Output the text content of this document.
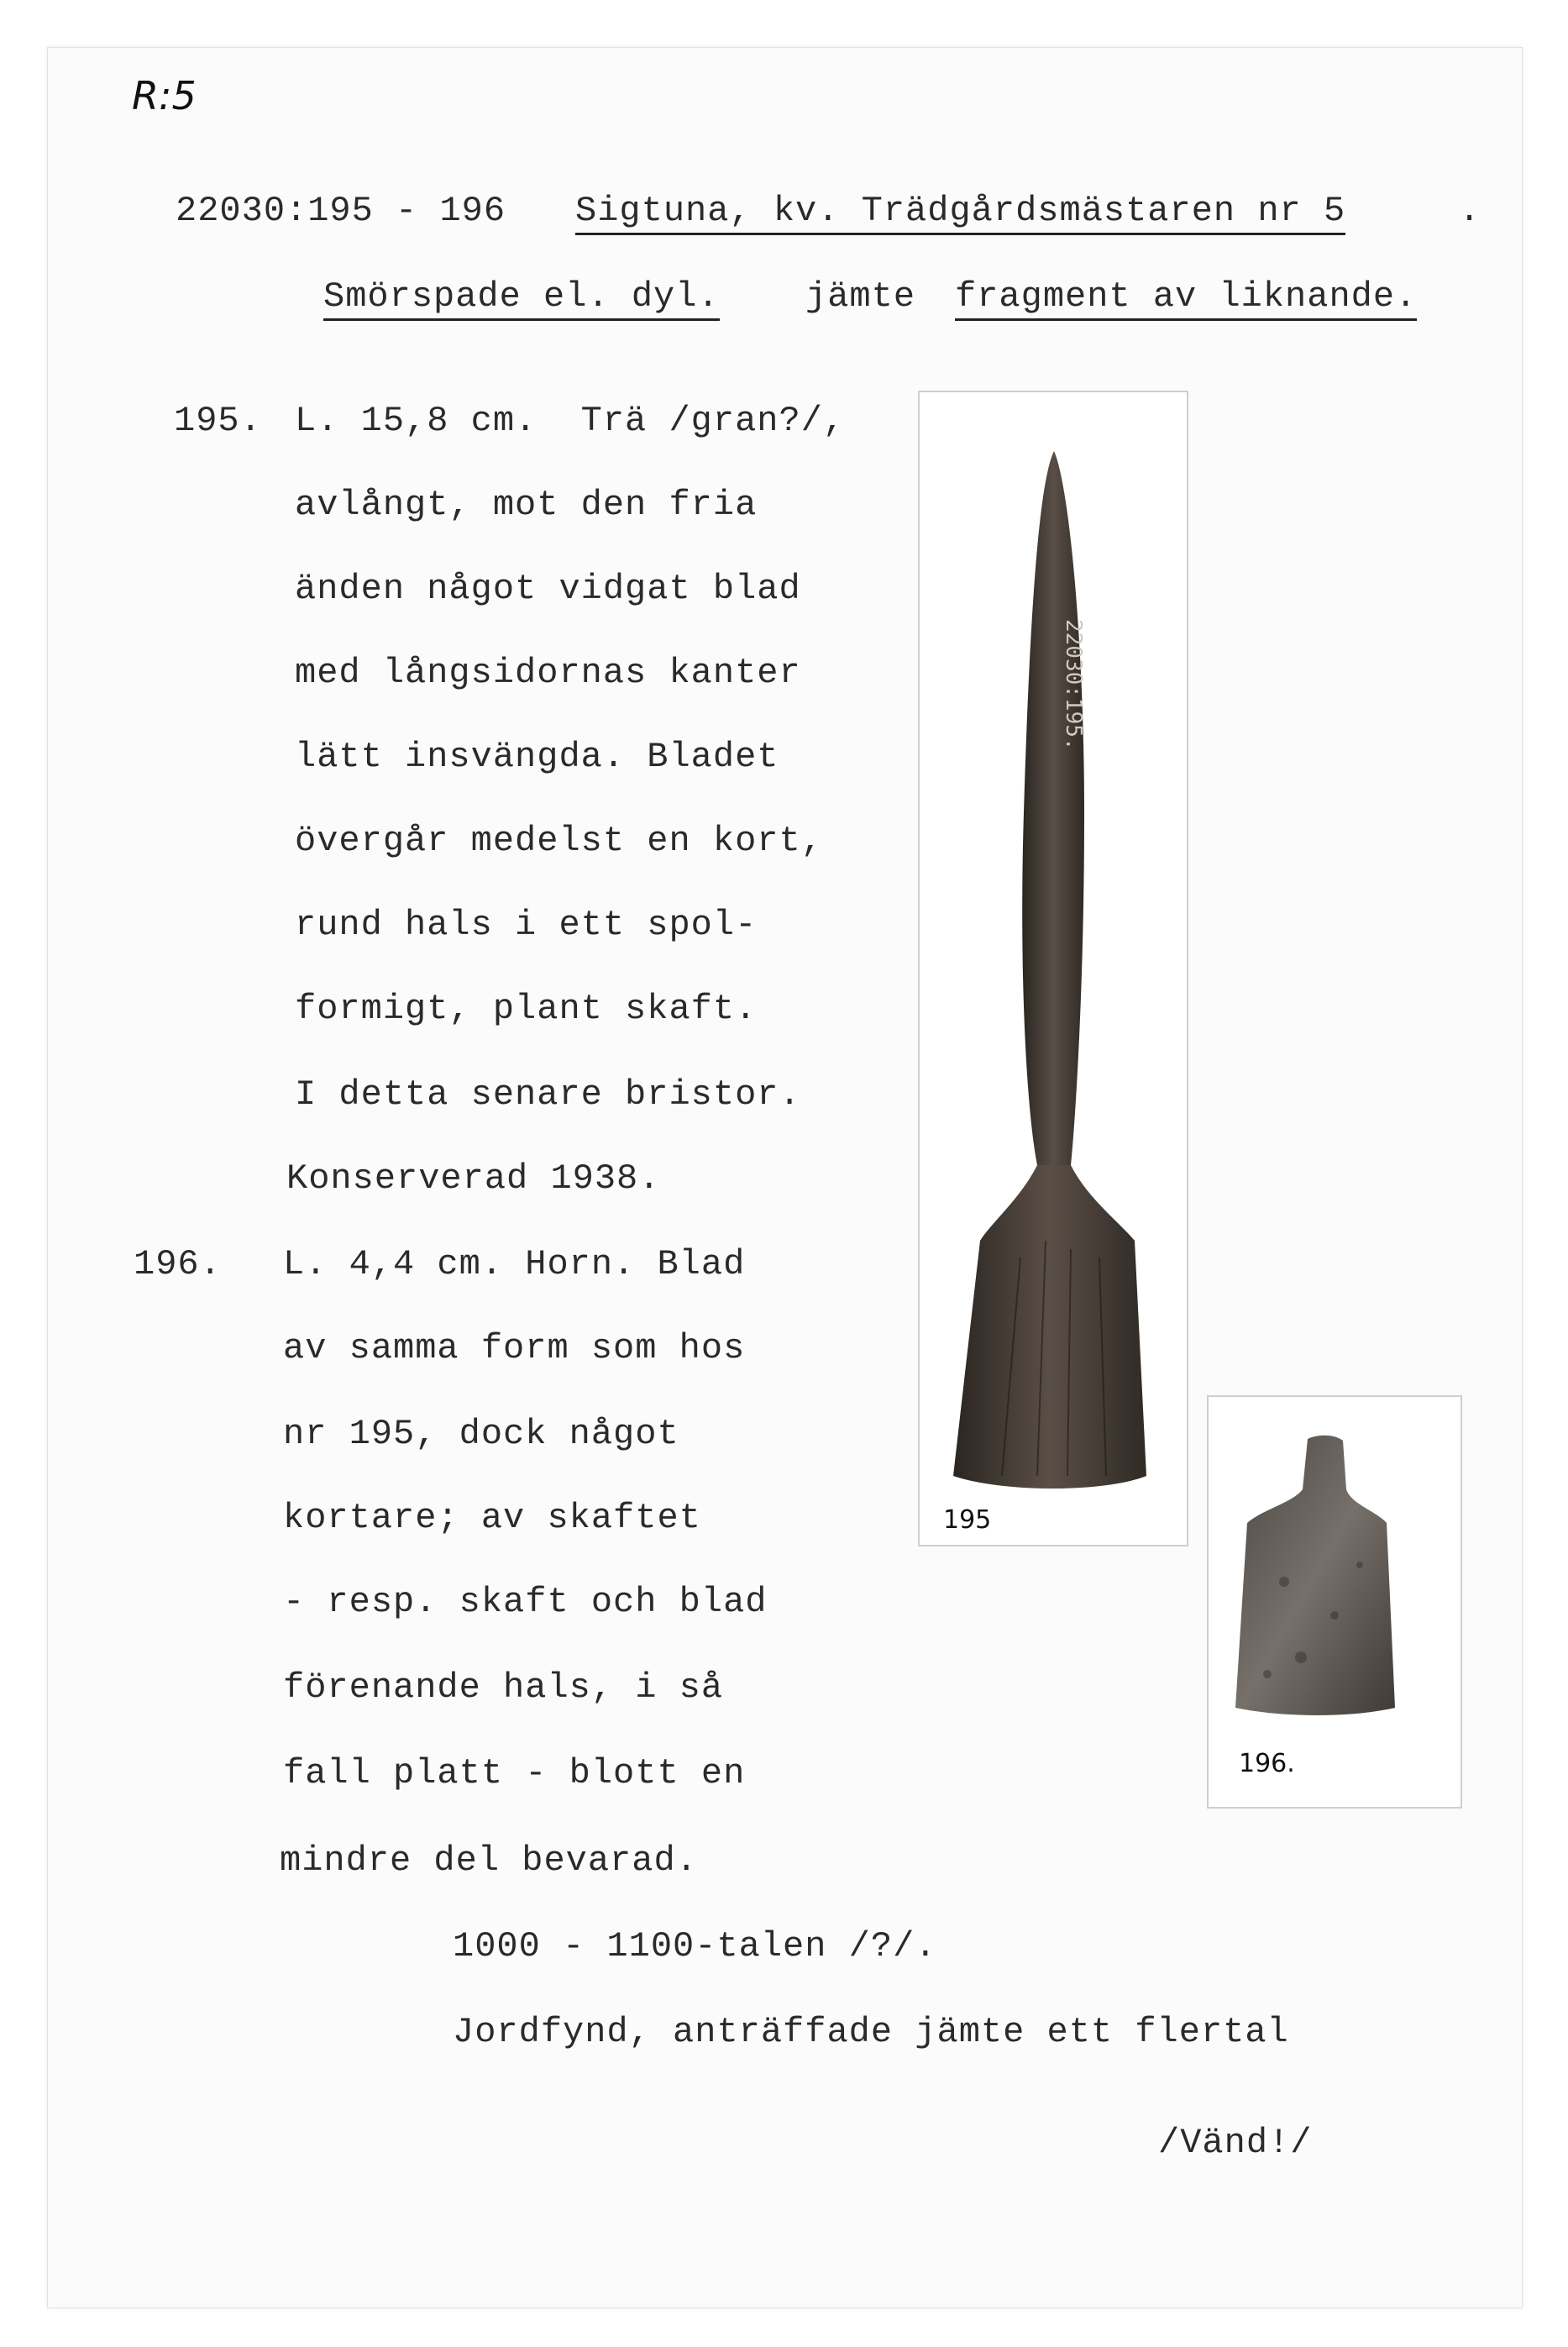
R:5
22030:195 - 196 Sigtuna, kv. Trädgårdsmästaren nr 5	.
Smörspade el. dyl. jämte fragment av liknande.
195. L. 15,8 cm.  Trä /gran?/,
avlångt, mot den fria
änden något vidgat blad
med långsidornas kanter
lätt insvängda. Bladet
övergår medelst en kort,
rund hals i ett spol-
formigt, plant skaft.
I detta senare bristor.
Konserverad 1938.
196. L. 4,4 cm. Horn. Blad
av samma form som hos
nr 195, dock något
kortare; av skaftet
- resp. skaft och blad
förenande hals, i så
fall platt - blott en
mindre del bevarad.
1000 - 1100-talen /?/.
Jordfynd, anträffade jämte ett flertal
/Vänd!/
22030:195.
195
196.
